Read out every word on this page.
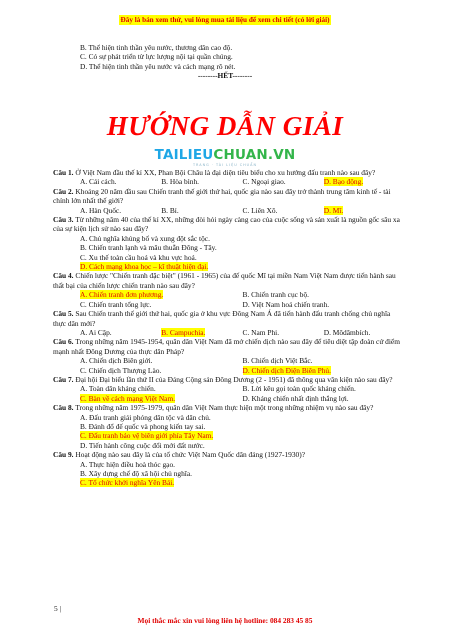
Đây là bản xem thử, vui lòng mua tài liệu để xem chi tiết (có lời giải)
B. Thể hiện tinh thần yêu nước, thương dân cao độ.
C. Có sự phát triển từ lực lượng nội tại quần chúng.
D. Thể hiện tinh thần yêu nước và cách mạng rõ nét.
--------HẾT--------
HƯỚNG DẪN GIẢI
TAILIEUCHUAN.VN
TRANG · TÀI LIỆU CHUẨN
Câu 1. Ở Việt Nam đầu thế kỉ XX, Phan Bội Châu là đại diện tiêu biểu cho xu hướng đấu tranh nào sau đây?
A. Cải cách.	B. Hòa bình.	C. Ngoại giao.	D. Bạo động.
Câu 2. Khoảng 20 năm đầu sau Chiến tranh thế giới thứ hai, quốc gia nào sau đây trở thành trung tâm kinh tế - tài chính lớn nhất thế giới?
A. Hàn Quốc.	B. Bỉ.	C. Liên Xô.	D. Mĩ.
Câu 3. Từ những năm 40 của thế kỉ XX, những đòi hỏi ngày càng cao của cuộc sống và sản xuất là nguồn gốc sâu xa của sự kiện lịch sử nào sau đây?
A. Chủ nghĩa khủng bố và xung đột sắc tộc.
B. Chiến tranh lạnh và mâu thuẫn Đông - Tây.
C. Xu thế toàn cầu hoá và khu vực hoá.
D. Cách mạng khoa học – kĩ thuật hiện đại.
Câu 4. Chiến lược "Chiến tranh đặc biệt" (1961 - 1965) của đế quốc Mĩ tại miền Nam Việt Nam được tiến hành sau thất bại của chiến lược chiến tranh nào sau đây?
A. Chiến tranh đơn phương.	B. Chiến tranh cục bộ.
C. Chiến tranh tổng lực.	D. Việt Nam hoá chiến tranh.
Câu 5. Sau Chiến tranh thế giới thứ hai, quốc gia ở khu vực Đông Nam Á đã tiến hành đấu tranh chống chủ nghĩa thực dân mới?
A. Ai Cập.	B. Campuchia.	C. Nam Phi.	D. Môdămbích.
Câu 6. Trong những năm 1945-1954, quân dân Việt Nam đã mở chiến dịch nào sau đây để tiêu diệt tập đoàn cứ điểm mạnh nhất Đông Dương của thực dân Pháp?
A. Chiến dịch Biên giới.	B. Chiến dịch Việt Bắc.
C. Chiến dịch Thượng Lào.	D. Chiến dịch Điện Biên Phủ.
Câu 7. Đại hội Đại biểu lần thứ II của Đảng Cộng sản Đông Dương (2 - 1951) đã thông qua văn kiện nào sau đây?
A. Toàn dân kháng chiến.	B. Lời kêu gọi toàn quốc kháng chiến.
C. Bàn về cách mạng Việt Nam.	D. Kháng chiến nhất định thắng lợi.
Câu 8. Trong những năm 1975-1979, quân dân Việt Nam thực hiện một trong những nhiệm vụ nào sau đây?
A. Đấu tranh giải phóng dân tộc và dân chủ.
B. Đánh đổ đế quốc và phong kiến tay sai.
C. Đấu tranh bảo vệ biên giới phía Tây Nam.
D. Tiến hành công cuộc đổi mới đất nước.
Câu 9. Hoạt động nào sau đây là của tổ chức Việt Nam Quốc dân đảng (1927-1930)?
A. Thực hiện điều hoà thóc gạo.
B. Xây dựng chế độ xã hội chủ nghĩa.
C. Tổ chức khởi nghĩa Yên Bái.
5 |
Mọi thắc mắc xin vui lòng liên hệ hotline: 084 283 45 85
